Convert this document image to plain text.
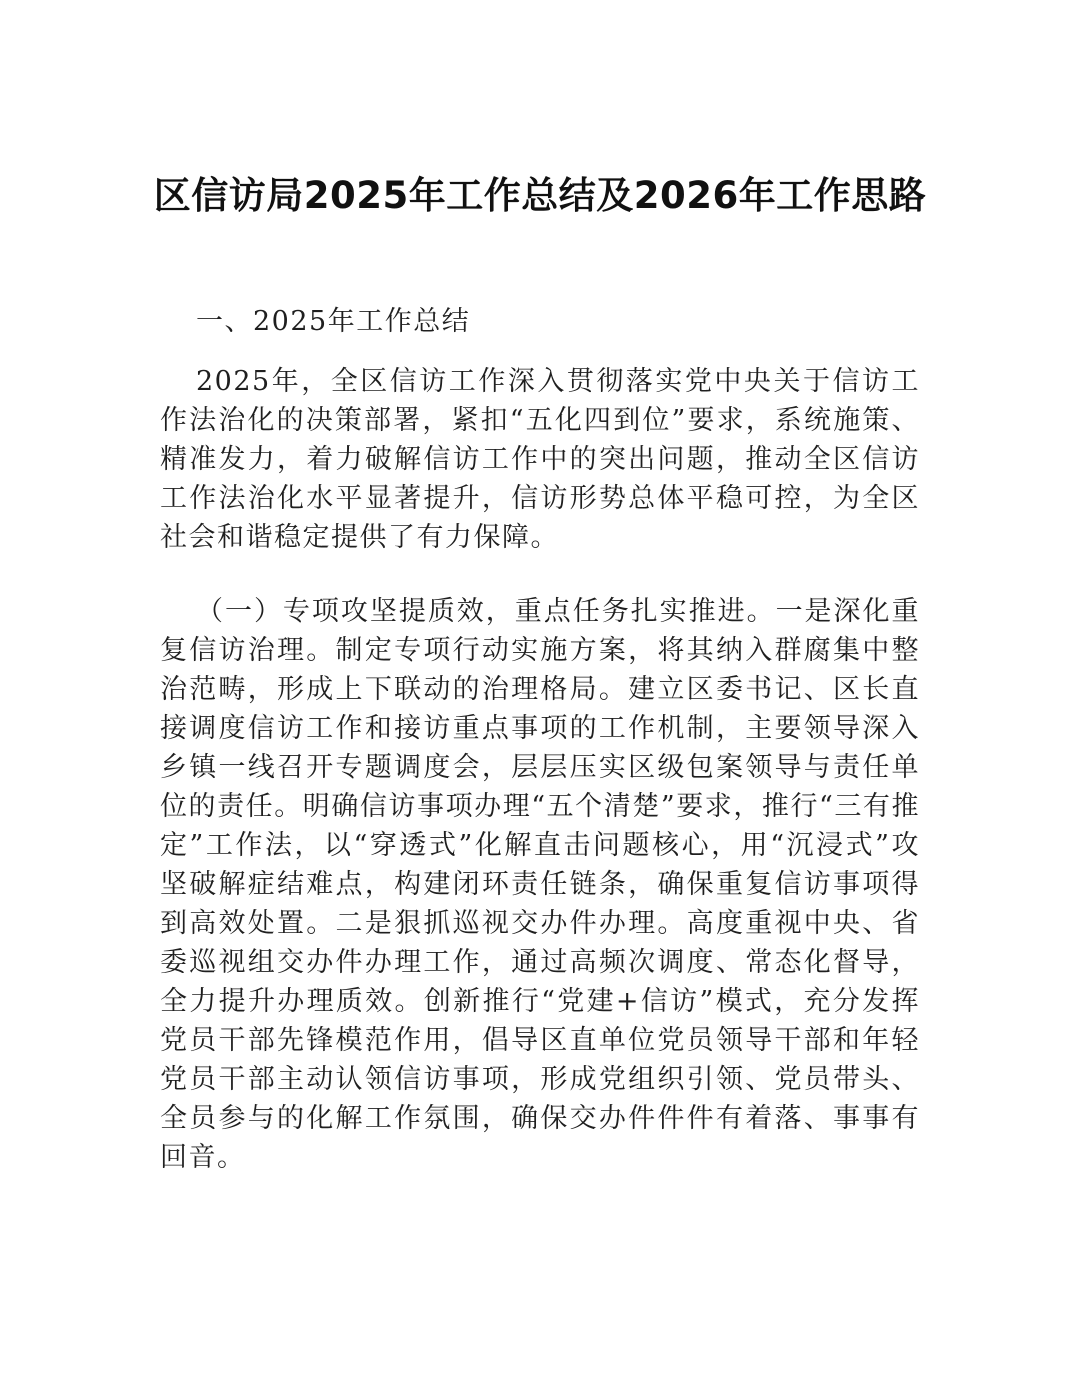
区信访局2025年工作总结及2026年工作思路

一、2025年工作总结

2025年，全区信访工作深入贯彻落实党中央关于信访工作法治化的决策部署，紧扣“五化四到位”要求，系统施策、精准发力，着力破解信访工作中的突出问题，推动全区信访工作法治化水平显著提升，信访形势总体平稳可控，为全区社会和谐稳定提供了有力保障。

（一）专项攻坚提质效，重点任务扎实推进。一是深化重复信访治理。制定专项行动实施方案，将其纳入群腐集中整治范畴，形成上下联动的治理格局。建立区委书记、区长直接调度信访工作和接访重点事项的工作机制，主要领导深入乡镇一线召开专题调度会，层层压实区级包案领导与责任单位的责任。明确信访事项办理“五个清楚”要求，推行“三有推定”工作法，以“穿透式”化解直击问题核心，用“沉浸式”攻坚破解症结难点，构建闭环责任链条，确保重复信访事项得到高效处置。二是狠抓巡视交办件办理。高度重视中央、省委巡视组交办件办理工作，通过高频次调度、常态化督导，全力提升办理质效。创新推行“党建+信访”模式，充分发挥党员干部先锋模范作用，倡导区直单位党员领导干部和年轻党员干部主动认领信访事项，形成党组织引领、党员带头、全员参与的化解工作氛围，确保交办件件件有着落、事事有回音。
